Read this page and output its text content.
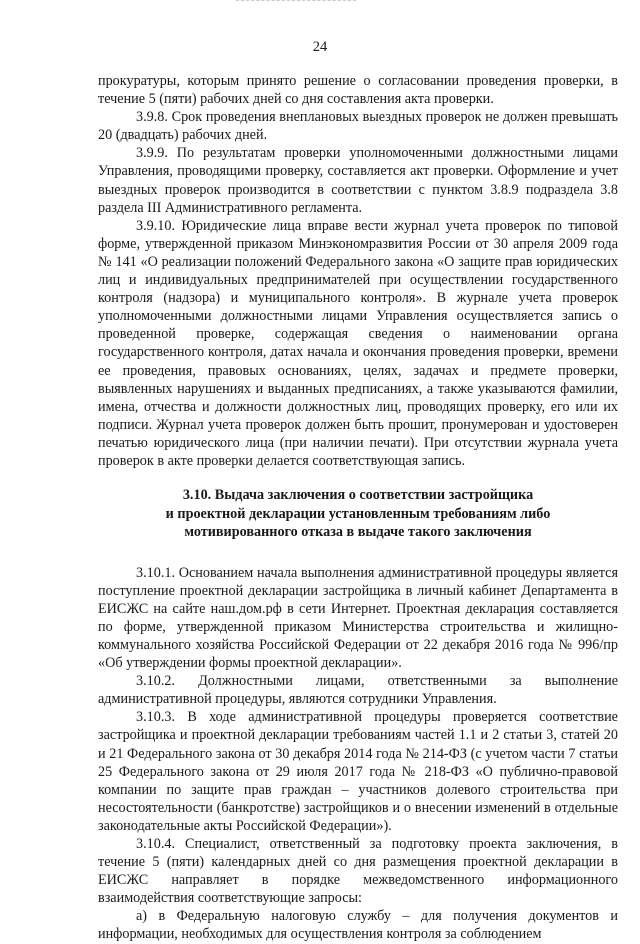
24

прокуратуры, которым принято решение о согласовании проведения проверки, в течение 5 (пяти) рабочих дней со дня составления акта проверки.

3.9.8. Срок проведения внеплановых выездных проверок не должен превышать 20 (двадцать) рабочих дней.

3.9.9. По результатам проверки уполномоченными должностными лицами Управления, проводящими проверку, составляется акт проверки. Оформление и учет выездных проверок производится в соответствии с пунктом 3.8.9 подраздела 3.8 раздела III Административного регламента.

3.9.10. Юридические лица вправе вести журнал учета проверок по типовой форме, утвержденной приказом Минэкономразвития России от 30 апреля 2009 года № 141 «О реализации положений Федерального закона «О защите прав юридических лиц и индивидуальных предпринимателей при осуществлении государственного контроля (надзора) и муниципального контроля». В журнале учета проверок уполномоченными должностными лицами Управления осуществляется запись о проведенной проверке, содержащая сведения о наименовании органа государственного контроля, датах начала и окончания проведения проверки, времени ее проведения, правовых основаниях, целях, задачах и предмете проверки, выявленных нарушениях и выданных предписаниях, а также указываются фамилии, имена, отчества и должности должностных лиц, проводящих проверку, его или их подписи. Журнал учета проверок должен быть прошит, пронумерован и удостоверен печатью юридического лица (при наличии печати). При отсутствии журнала учета проверок в акте проверки делается соответствующая запись.

3.10. Выдача заключения о соответствии застройщика
и проектной декларации установленным требованиям либо
мотивированного отказа в выдаче такого заключения

3.10.1. Основанием начала выполнения административной процедуры является поступление проектной декларации застройщика в личный кабинет Департамента в ЕИСЖС на сайте наш.дом.рф в сети Интернет. Проектная декларация составляется по форме, утвержденной приказом Министерства строительства и жилищно-коммунального хозяйства Российской Федерации от 22 декабря 2016 года № 996/пр «Об утверждении формы проектной декларации».

3.10.2. Должностными лицами, ответственными за выполнение административной процедуры, являются сотрудники Управления.

3.10.3. В ходе административной процедуры проверяется соответствие застройщика и проектной декларации требованиям частей 1.1 и 2 статьи 3, статей 20 и 21 Федерального закона от 30 декабря 2014 года № 214-ФЗ (с учетом части 7 статьи 25 Федерального закона от 29 июля 2017 года № 218-ФЗ «О публично-правовой компании по защите прав граждан – участников долевого строительства при несостоятельности (банкротстве) застройщиков и о внесении изменений в отдельные законодательные акты Российской Федерации»).

3.10.4. Специалист, ответственный за подготовку проекта заключения, в течение 5 (пяти) календарных дней со дня размещения проектной декларации в ЕИСЖС направляет в порядке межведомственного информационного взаимодействия соответствующие запросы:

а) в Федеральную налоговую службу – для получения документов и информации, необходимых для осуществления контроля за соблюдением
